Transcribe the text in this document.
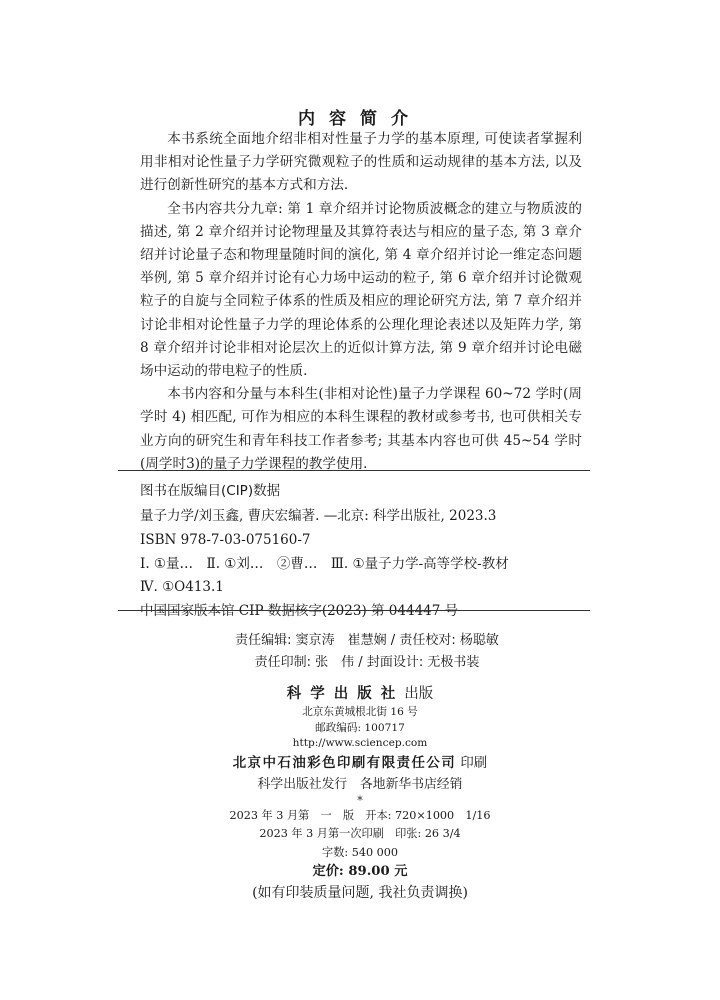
内容简介

本书系统全面地介绍非相对性量子力学的基本原理, 可使读者掌握利用非相对论性量子力学研究微观粒子的性质和运动规律的基本方法, 以及进行创新性研究的基本方式和方法.

全书内容共分九章: 第 1 章介绍并讨论物质波概念的建立与物质波的描述, 第 2 章介绍并讨论物理量及其算符表达与相应的量子态, 第 3 章介绍并讨论量子态和物理量随时间的演化, 第 4 章介绍并讨论一维定态问题举例, 第 5 章介绍并讨论有心力场中运动的粒子, 第 6 章介绍并讨论微观粒子的自旋与全同粒子体系的性质及相应的理论研究方法, 第 7 章介绍并讨论非相对论性量子力学的理论体系的公理化理论表述以及矩阵力学, 第 8 章介绍并讨论非相对论层次上的近似计算方法, 第 9 章介绍并讨论电磁场中运动的带电粒子的性质.

本书内容和分量与本科生(非相对论性)量子力学课程 60~72 学时(周学时 4) 相匹配, 可作为相应的本科生课程的教材或参考书, 也可供相关专业方向的研究生和青年科技工作者参考; 其基本内容也可供 45~54 学时(周学时3)的量子力学课程的教学使用.

图书在版编目(CIP)数据

量子力学/刘玉鑫, 曹庆宏编著. —北京: 科学出版社, 2023.3

ISBN 978-7-03-075160-7

Ⅰ. ①量…　Ⅱ. ①刘…　②曹…　Ⅲ. ①量子力学-高等学校-教材

Ⅳ. ①O413.1

中国国家版本馆 CIP 数据核字(2023) 第 044447 号

责任编辑: 窦京涛　崔慧娴 / 责任校对: 杨聪敏
责任印制: 张　伟 / 封面设计: 无极书装

科学出版社出版

北京东黄城根北街 16 号

邮政编码: 100717

http://www.sciencep.com

北京中石油彩色印刷有限责任公司 印刷

科学出版社发行　各地新华书店经销

*

2023 年 3 月第　一　版　开本: 720×1000　1/16

2023 年 3 月第一次印刷　印张: 26 3/4

字数: 540 000

定价: 89.00 元

(如有印装质量问题, 我社负责调换)
